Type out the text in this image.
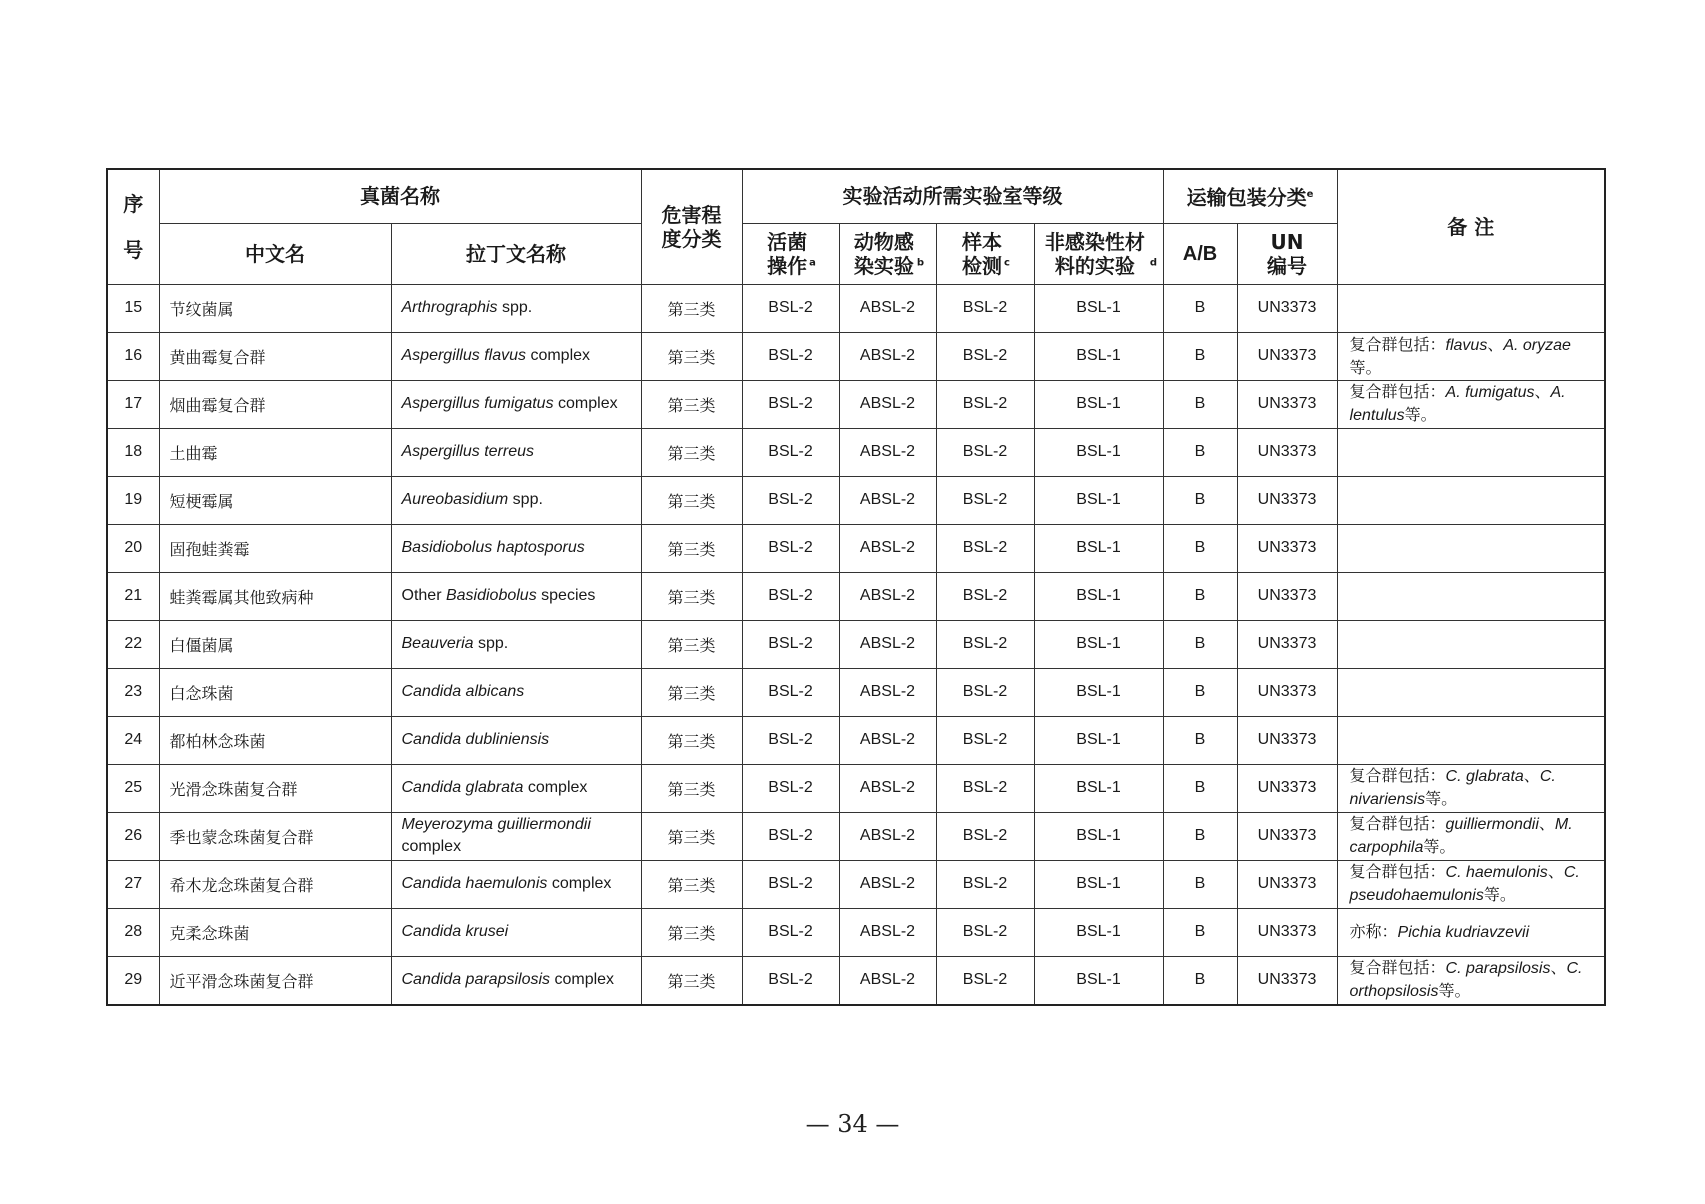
序号	真菌名称		危害程度分类	实验活动所需实验室等级				运输包装分类$^e$		备 注
	中文名	拉丁文名称		活菌操作 $^a$	动物感染实验 $^b$	样本检测 $^c$	非感染性材料的实验 $^d$	A/B	UN编号	
15	节纹菌属	Arthrographis spp.	第三类	BSL-2	ABSL-2	BSL-2	BSL-1	B	UN3373	
16	黄曲霉复合群	Aspergillus flavus complex	第三类	BSL-2	ABSL-2	BSL-2	BSL-1	B	UN3373	复合群包括：flavus、A. oryzae等。
17	烟曲霉复合群	Aspergillus fumigatus complex	第三类	BSL-2	ABSL-2	BSL-2	BSL-1	B	UN3373	复合群包括：A. fumigatus、A. lentulus等。
18	土曲霉	Aspergillus terreus	第三类	BSL-2	ABSL-2	BSL-2	BSL-1	B	UN3373	
19	短梗霉属	Aureobasidium spp.	第三类	BSL-2	ABSL-2	BSL-2	BSL-1	B	UN3373	
20	固孢蛙粪霉	Basidiobolus haptosporus	第三类	BSL-2	ABSL-2	BSL-2	BSL-1	B	UN3373	
21	蛙粪霉属其他致病种	Other Basidiobolus species	第三类	BSL-2	ABSL-2	BSL-2	BSL-1	B	UN3373	
22	白僵菌属	Beauveria spp.	第三类	BSL-2	ABSL-2	BSL-2	BSL-1	B	UN3373	
23	白念珠菌	Candida albicans	第三类	BSL-2	ABSL-2	BSL-2	BSL-1	B	UN3373	
24	都柏林念珠菌	Candida dubliniensis	第三类	BSL-2	ABSL-2	BSL-2	BSL-1	B	UN3373	
25	光滑念珠菌复合群	Candida glabrata complex	第三类	BSL-2	ABSL-2	BSL-2	BSL-1	B	UN3373	复合群包括：C. glabrata、C. nivariensis等。
26	季也蒙念珠菌复合群	Meyerozyma guilliermondii complex	第三类	BSL-2	ABSL-2	BSL-2	BSL-1	B	UN3373	复合群包括：guilliermondii、M. carpophila等。
27	希木龙念珠菌复合群	Candida haemulonis complex	第三类	BSL-2	ABSL-2	BSL-2	BSL-1	B	UN3373	复合群包括：C. haemulonis、C. pseudohaemulonis等。
28	克柔念珠菌	Candida krusei	第三类	BSL-2	ABSL-2	BSL-2	BSL-1	B	UN3373	亦称：Pichia kudriavzevii
29	近平滑念珠菌复合群	Candida parapsilosis complex	第三类	BSL-2	ABSL-2	BSL-2	BSL-1	B	UN3373	复合群包括：C. parapsilosis、C. orthopsilosis等。
— 34 —
